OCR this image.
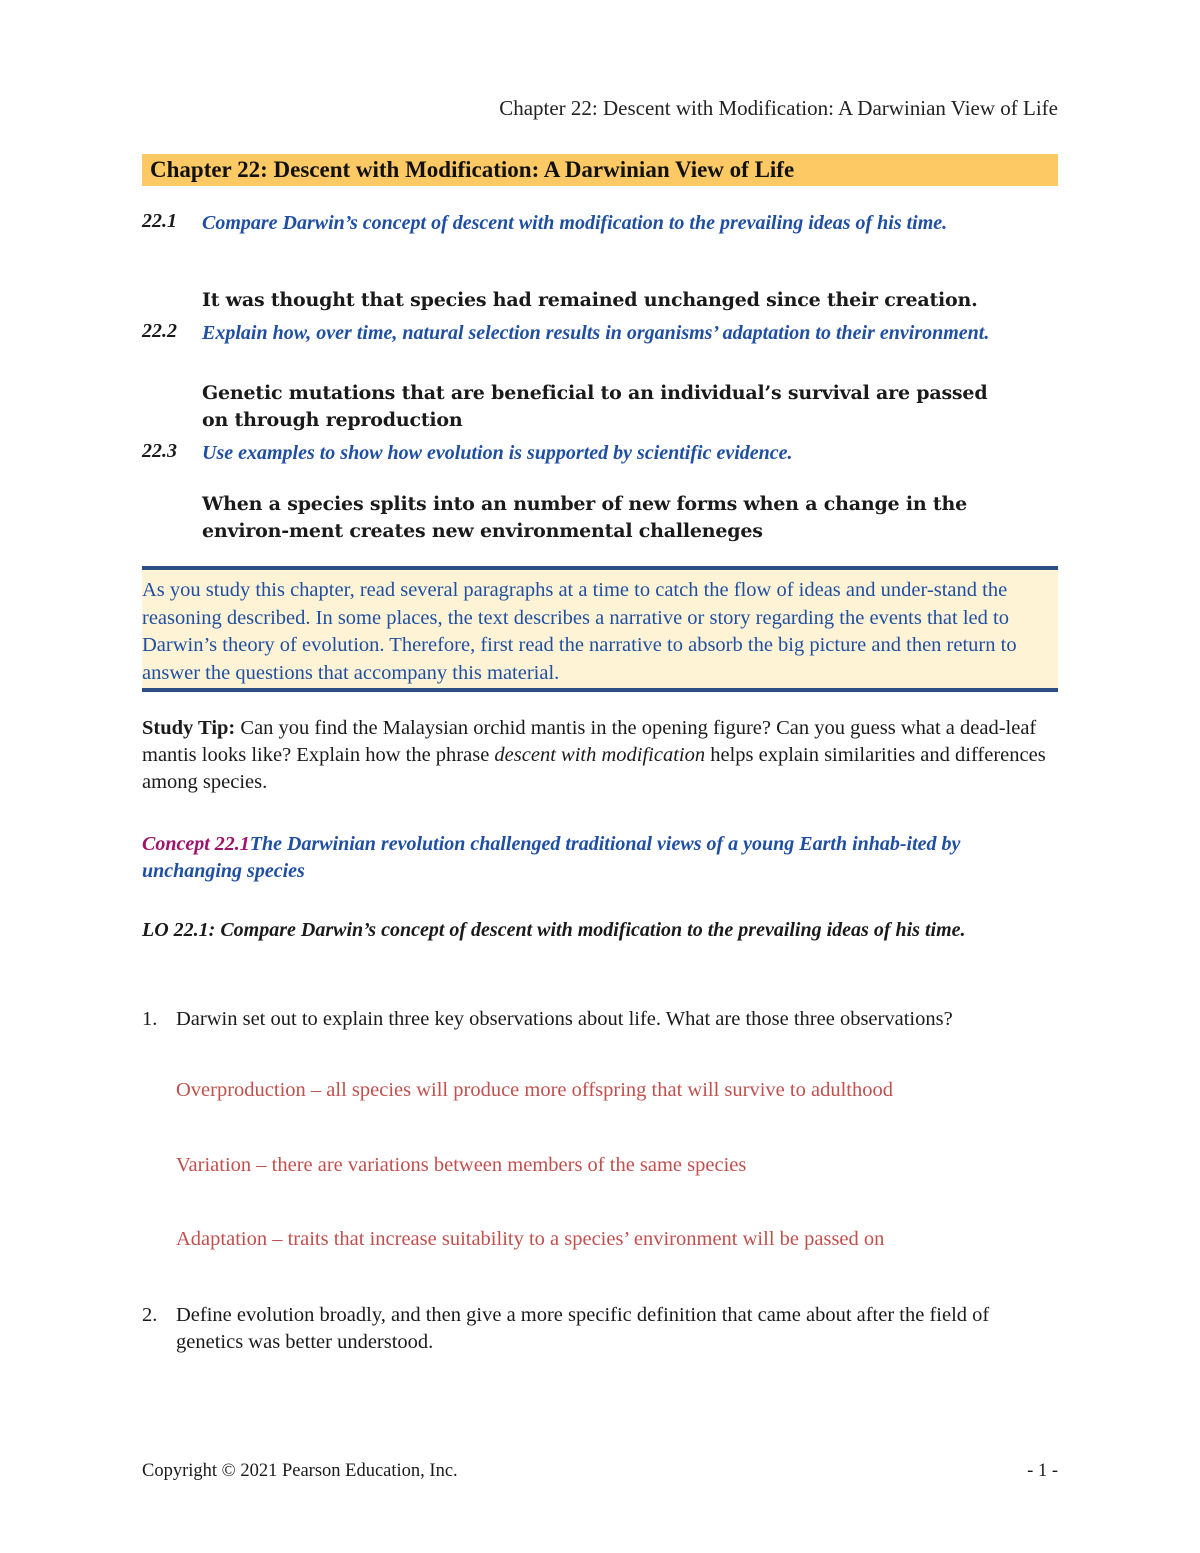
Chapter 22: Descent with Modification: A Darwinian View of Life
Chapter 22: Descent with Modification: A Darwinian View of Life
22.1 Compare Darwin’s concept of descent with modification to the prevailing ideas of his time.
It was thought that species had remained unchanged since their creation.
22.2 Explain how, over time, natural selection results in organisms’ adaptation to their environment.
Genetic mutations that are beneficial to an individual’s survival are passed on through reproduction
22.3 Use examples to show how evolution is supported by scientific evidence.
When a species splits into an number of new forms when a change in the environ-ment creates new environmental challeneges

As you study this chapter, read several paragraphs at a time to catch the flow of ideas and under-stand the reasoning described. In some places, the text describes a narrative or story regarding the events that led to Darwin’s theory of evolution. Therefore, first read the narrative to absorb the big picture and then return to answer the questions that accompany this material.

Study Tip: Can you find the Malaysian orchid mantis in the opening figure? Can you guess what a dead-leaf mantis looks like? Explain how the phrase descent with modification helps explain similarities and differences among species.
Concept 22.1The Darwinian revolution challenged traditional views of a young Earth inhab-ited by unchanging species
LO 22.1: Compare Darwin’s concept of descent with modification to the prevailing ideas of his time.
1. Darwin set out to explain three key observations about life. What are those three observations?
Overproduction – all species will produce more offspring that will survive to adulthood
Variation – there are variations between members of the same species
Adaptation – traits that increase suitability to a species’ environment will be passed on
2. Define evolution broadly, and then give a more specific definition that came about after the field of genetics was better understood.
Copyright © 2021 Pearson Education, Inc.	- 1 -
